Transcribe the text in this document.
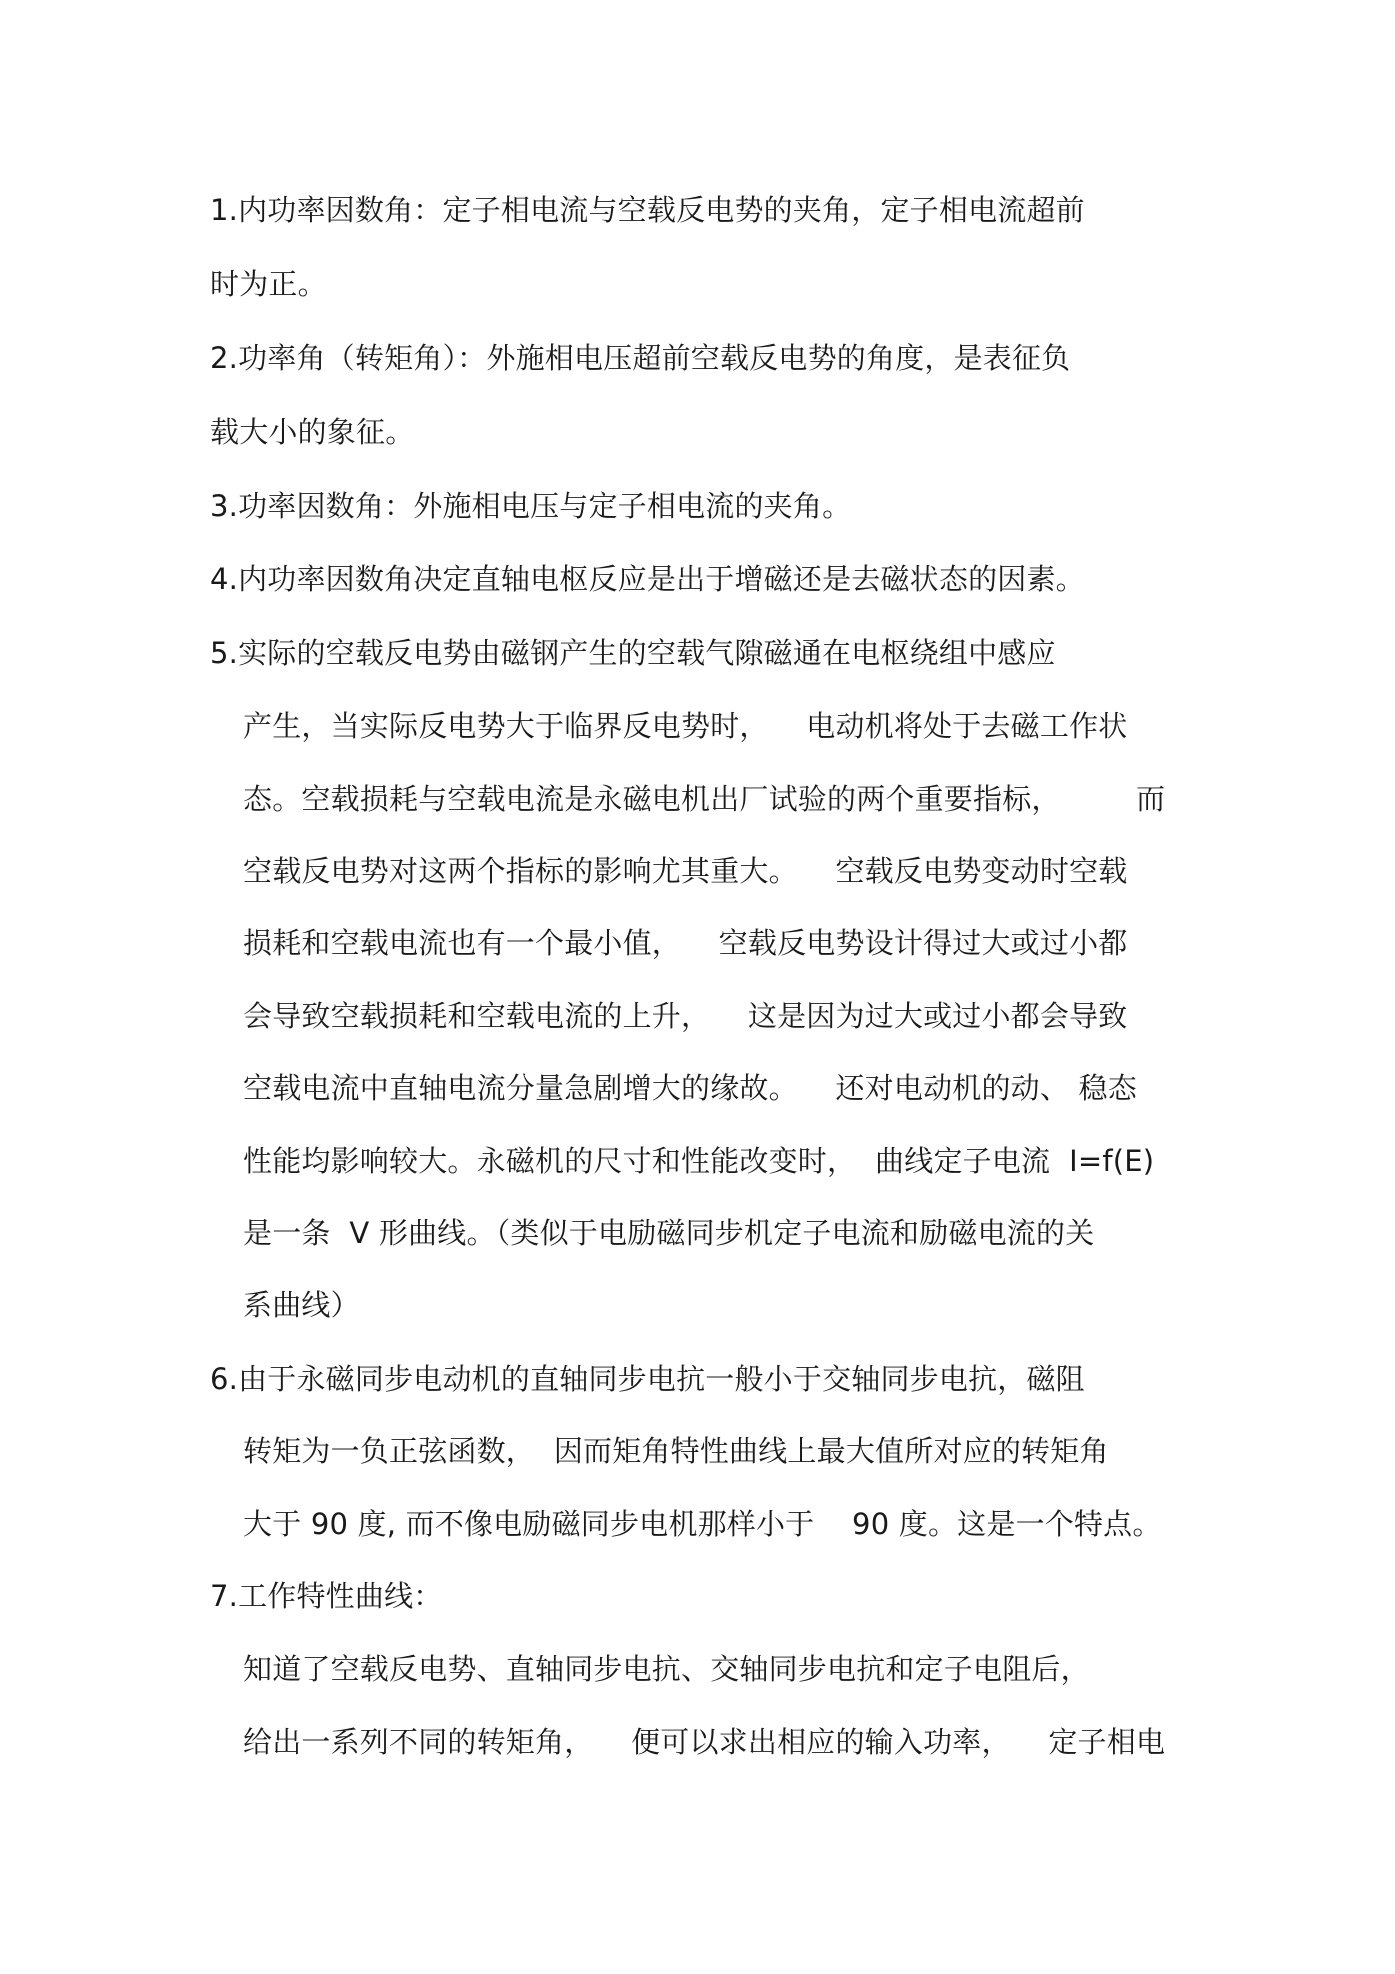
1.内功率因数角：定子相电流与空载反电势的夹角，定子相电流超前

时为正。

2.功率角（转矩角）：外施相电压超前空载反电势的角度，是表征负

载大小的象征。

3.功率因数角：外施相电压与定子相电流的夹角。

4.内功率因数角决定直轴电枢反应是出于增磁还是去磁状态的因素。

5.实际的空载反电势由磁钢产生的空载气隙磁通在电枢绕组中感应

产生，当实际反电势大于临界反电势时，    电动机将处于去磁工作状

态。空载损耗与空载电流是永磁电机出厂试验的两个重要指标，        而

空载反电势对这两个指标的影响尤其重大。    空载反电势变动时空载

损耗和空载电流也有一个最小值，    空载反电势设计得过大或过小都

会导致空载损耗和空载电流的上升，    这是因为过大或过小都会导致

空载电流中直轴电流分量急剧增大的缘故。    还对电动机的动、 稳态

性能均影响较大。永磁机的尺寸和性能改变时，  曲线定子电流  I=f(E)

是一条  V 形曲线。（类似于电励磁同步机定子电流和励磁电流的关

系曲线）

6.由于永磁同步电动机的直轴同步电抗一般小于交轴同步电抗，磁阻

转矩为一负正弦函数，  因而矩角特性曲线上最大值所对应的转矩角

大于 90 度, 而不像电励磁同步电机那样小于    90 度。这是一个特点。

7.工作特性曲线：

知道了空载反电势、直轴同步电抗、交轴同步电抗和定子电阻后，

给出一系列不同的转矩角，    便可以求出相应的输入功率，    定子相电
